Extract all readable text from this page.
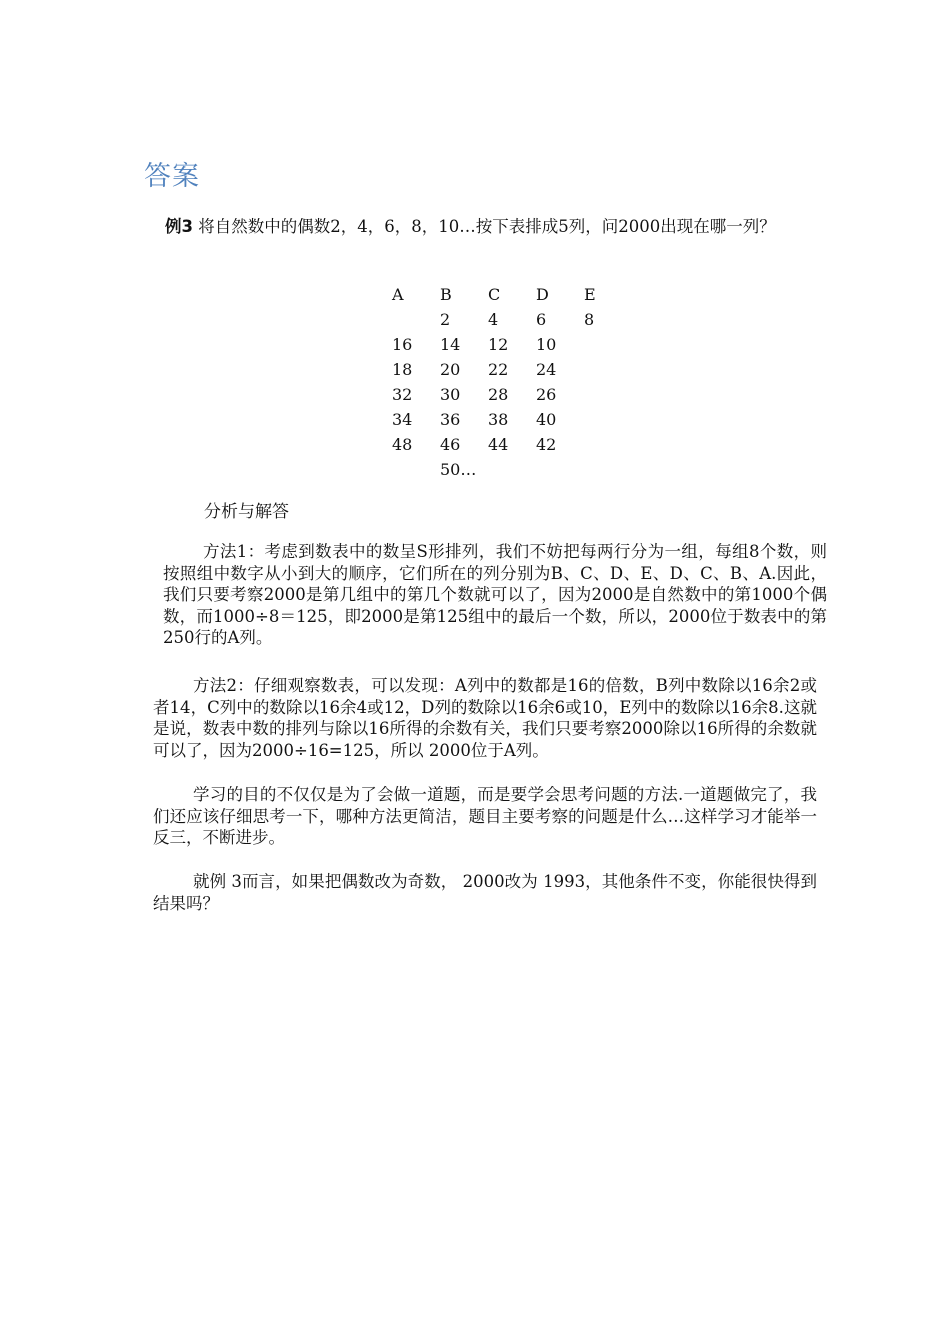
答案

例3 将自然数中的偶数2，4，6，8，10…按下表排成5列，问2000出现在哪一列？

A	B	C	D	E
	2	4	6	8
16	14	12	10	
18	20	22	24	
32	30	28	26	
34	36	38	40	
48	46	44	42	
	50…			

分析与解答

方法1：考虑到数表中的数呈S形排列，我们不妨把每两行分为一组，每组8个数，则按照组中数字从小到大的顺序，它们所在的列分别为B、C、D、E、D、C、B、A.因此，我们只要考察2000是第几组中的第几个数就可以了，因为2000是自然数中的第1000个偶数，而1000÷8＝125，即2000是第125组中的最后一个数，所以，2000位于数表中的第250行的A列。

方法2：仔细观察数表，可以发现：A列中的数都是16的倍数，B列中数除以16余2或者14，C列中的数除以16余4或12，D列的数除以16余6或10，E列中的数除以16余8.这就是说，数表中数的排列与除以16所得的余数有关，我们只要考察2000除以16所得的余数就可以了，因为2000÷16=125，所以 2000位于A列。

学习的目的不仅仅是为了会做一道题，而是要学会思考问题的方法.一道题做完了，我们还应该仔细思考一下，哪种方法更简洁，题目主要考察的问题是什么…这样学习才能举一反三，不断进步。

就例 3而言，如果把偶数改为奇数， 2000改为 1993，其他条件不变，你能很快得到结果吗？
